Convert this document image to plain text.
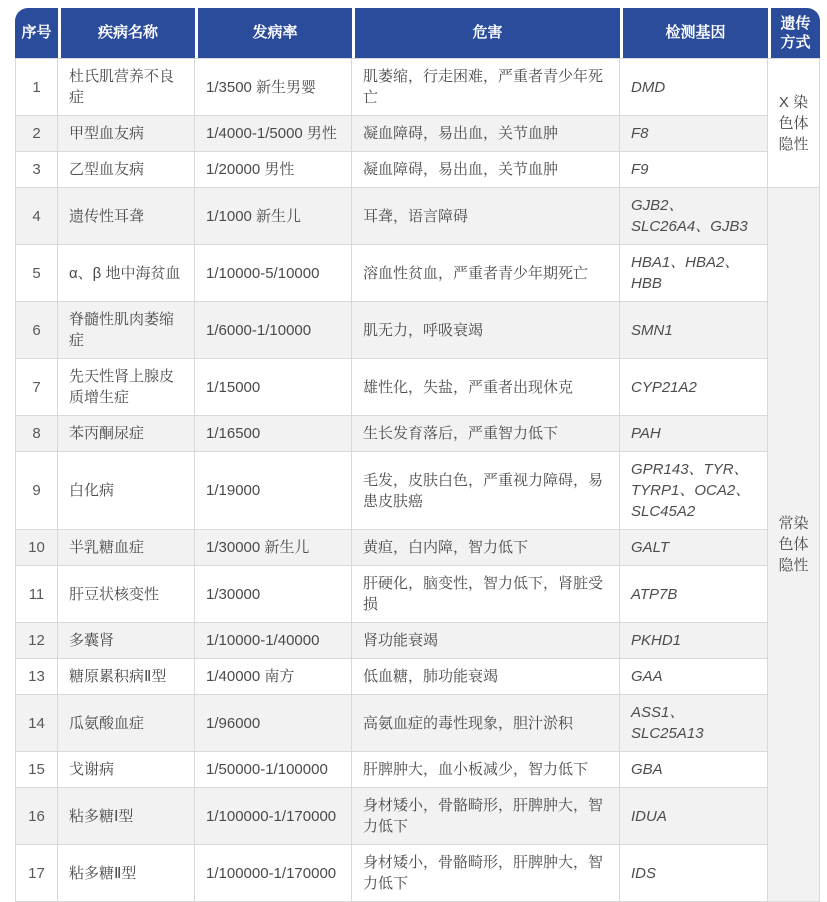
序号	疾病名称	发病率	危害	检测基因	遗传方式
1	杜氏肌营养不良症	1/3500 新生男婴	肌萎缩，行走困难，严重者青少年死亡	DMD	X 染色体隐性
2	甲型血友病	1/4000-1/5000 男性	凝血障碍，易出血，关节血肿	F8	
3	乙型血友病	1/20000 男性	凝血障碍，易出血，关节血肿	F9	
4	遗传性耳聋	1/1000 新生儿	耳聋，语言障碍	GJB2、SLC26A4、GJB3	常染色体隐性
5	α、β 地中海贫血	1/10000-5/10000	溶血性贫血，严重者青少年期死亡	HBA1、HBA2、HBB	
6	脊髓性肌肉萎缩症	1/6000-1/10000	肌无力，呼吸衰竭	SMN1	
7	先天性肾上腺皮质增生症	1/15000	雄性化，失盐，严重者出现休克	CYP21A2	
8	苯丙酮尿症	1/16500	生长发育落后，严重智力低下	PAH	
9	白化病	1/19000	毛发，皮肤白色，严重视力障碍，易患皮肤癌	GPR143、TYR、TYRP1、OCA2、SLC45A2	
10	半乳糖血症	1/30000 新生儿	黄疸，白内障，智力低下	GALT	
11	肝豆状核变性	1/30000	肝硬化，脑变性，智力低下，肾脏受损	ATP7B	
12	多囊肾	1/10000-1/40000	肾功能衰竭	PKHD1	
13	糖原累积病Ⅱ型	1/40000 南方	低血糖，肺功能衰竭	GAA	
14	瓜氨酸血症	1/96000	高氨血症的毒性现象，胆汁淤积	ASS1、SLC25A13	
15	戈谢病	1/50000-1/100000	肝脾肿大，血小板减少，智力低下	GBA	
16	粘多糖Ⅰ型	1/100000-1/170000	身材矮小，骨骼畸形，肝脾肿大，智力低下	IDUA	
17	粘多糖Ⅱ型	1/100000-1/170000	身材矮小，骨骼畸形，肝脾肿大，智力低下	IDS	
